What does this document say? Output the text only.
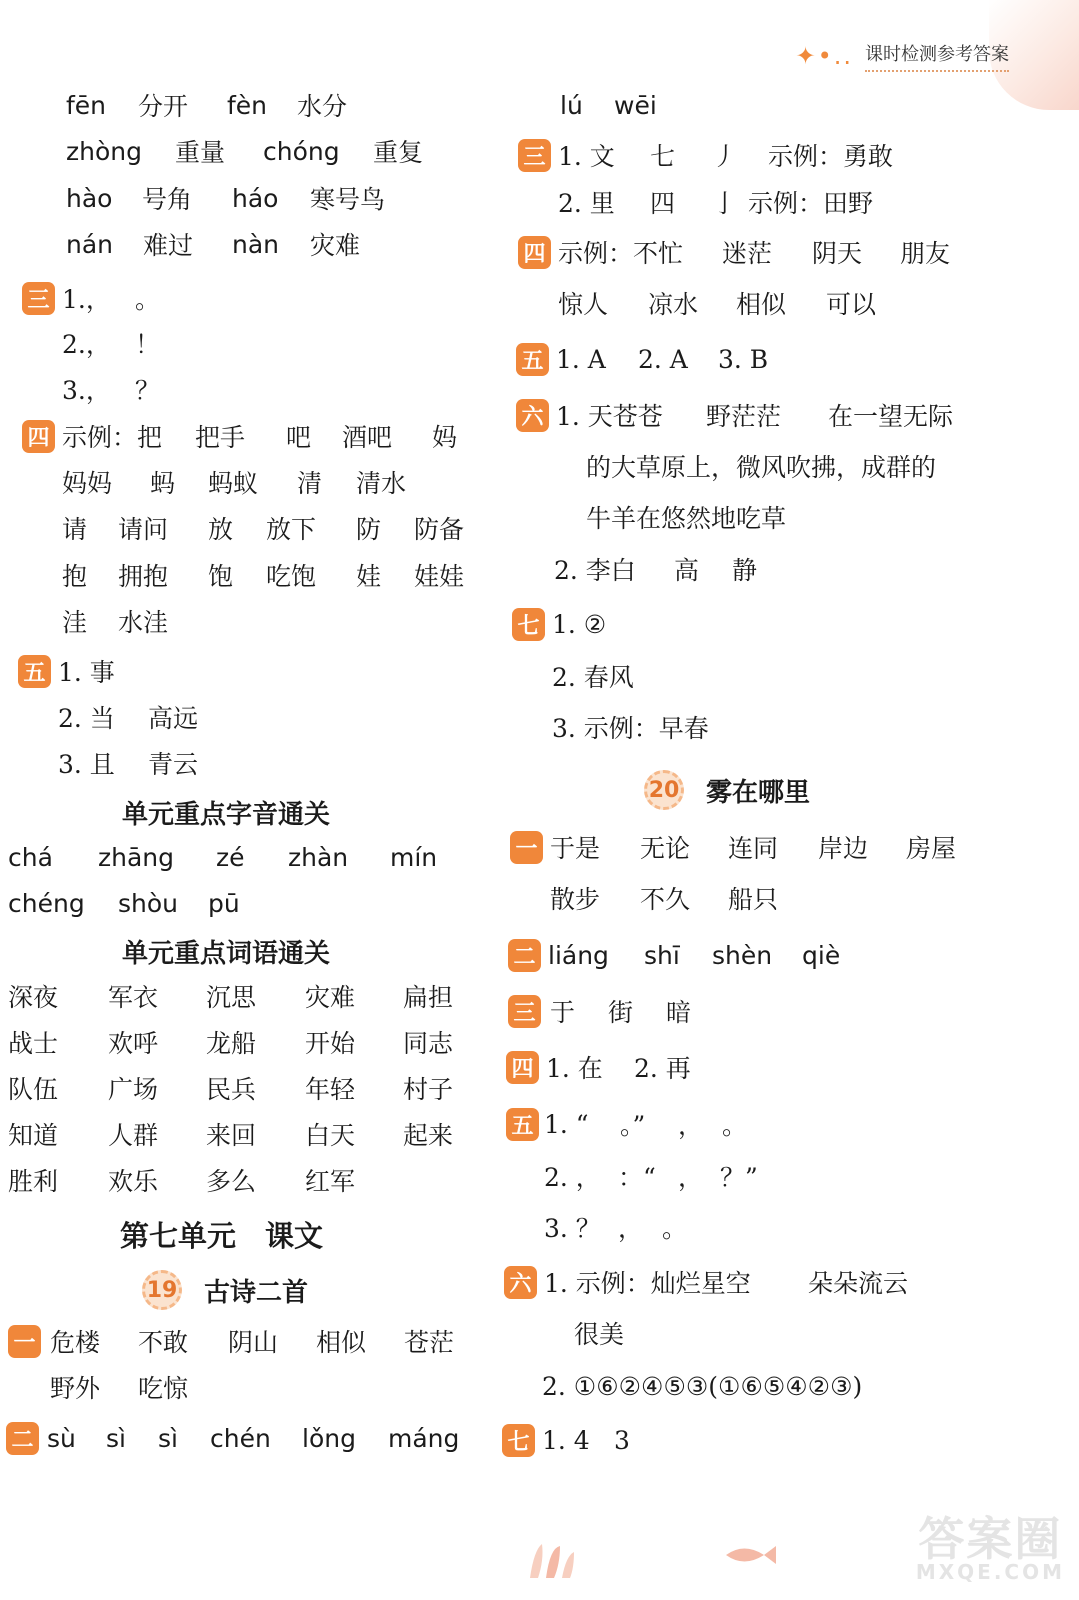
✦•.. 课时检测参考答案
fēn 分开 fèn 水分
zhòng 重量 chóng 重复
hào 号角 háo 寒号鸟
nán 难过 nàn 灾难
三 1.， 。
2.， ！
3.， ？
四 示例：把 把手 吧 酒吧 妈
妈妈 蚂 蚂蚁 清 清水
请 请问 放 放下 防 防备
抱 拥抱 饱 吃饱 娃 娃娃
洼 水洼
五 1. 事
2. 当 高远
3. 且 青云
单元重点字音通关
chá zhāng zé zhàn mín
chéng shòu pū
单元重点词语通关
深夜 军衣 沉思 灾难 扁担
战士 欢呼 龙船 开始 同志
队伍 广场 民兵 年轻 村子
知道 人群 来回 白天 起来
胜利 欢乐 多么 红军
第七单元　课文
19 古诗二首
一 危楼 不敢 阴山 相似 苍茫
野外 吃惊
二 sù sì sì chén lǒng máng
lú wēi
三 1. 文 七 丿 示例：勇敢
2. 里 四 亅 示例：田野
四 示例：不忙 迷茫 阴天 朋友
惊人 凉水 相似 可以
五 1. A 2. A 3. B
六 1. 天苍苍 野茫茫 在一望无际
的大草原上，微风吹拂，成群的
牛羊在悠然地吃草
2. 李白 高 静
七 1. ②
2. 春风
3. 示例：早春
20 雾在哪里
一 于是 无论 连同 岸边 房屋
散步 不久 船只
二 liáng shī shèn qiè
三 于 街 暗
四 1. 在 2. 再
五 1. “ 。” ， 。
2. ， ：“ ， ？”
3. ？ ， 。
六 1. 示例：灿烂星空 朵朵流云
很美
2. ①⑥②④⑤③(①⑥⑤④②③)
七 1. 4 3
答案圈
MXQE.COM
